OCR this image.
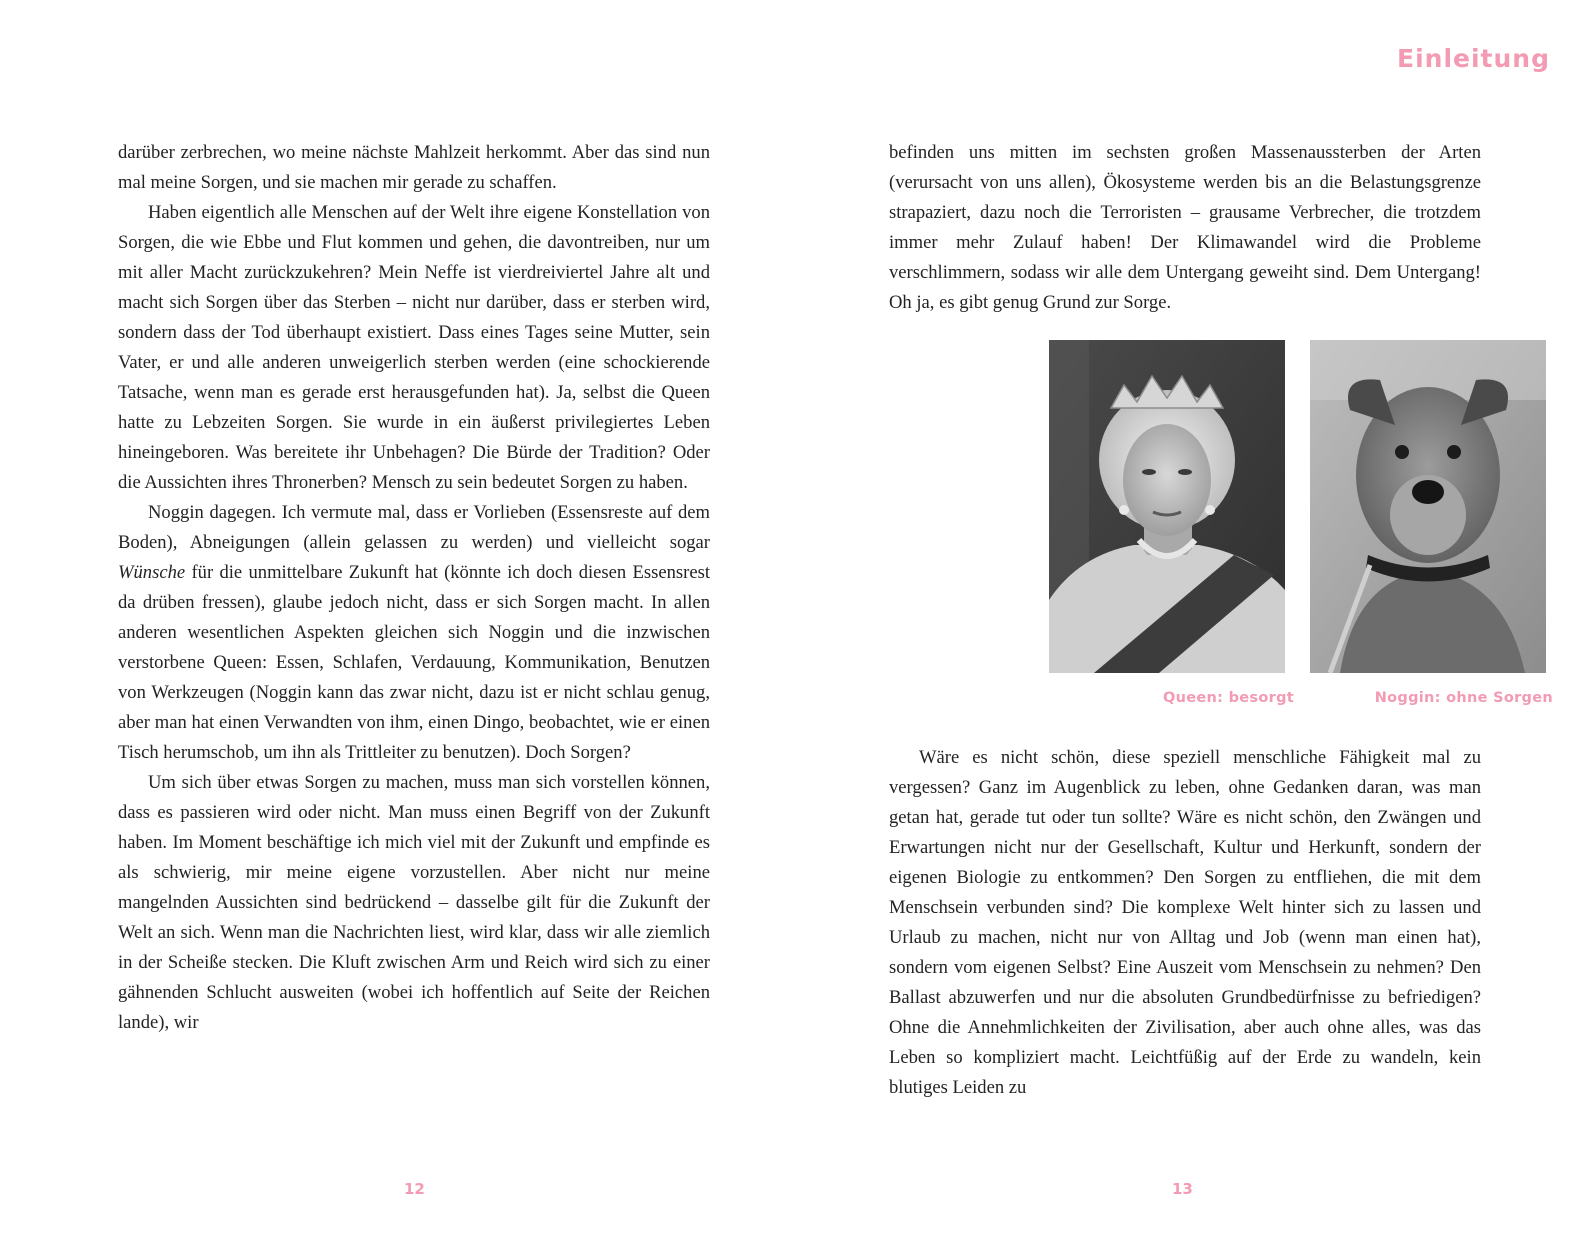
darüber zerbrechen, wo meine nächste Mahlzeit herkommt. Aber das sind nun mal meine Sorgen, und sie machen mir gerade zu schaffen.

Haben eigentlich alle Menschen auf der Welt ihre eigene Konstellation von Sorgen, die wie Ebbe und Flut kommen und gehen, die davontreiben, nur um mit aller Macht zurückzukehren? Mein Neffe ist vierdreiviertel Jahre alt und macht sich Sorgen über das Sterben – nicht nur darüber, dass er sterben wird, sondern dass der Tod überhaupt existiert. Dass eines Tages seine Mutter, sein Vater, er und alle anderen unweigerlich sterben werden (eine schockierende Tatsache, wenn man es gerade erst herausgefunden hat). Ja, selbst die Queen hatte zu Lebzeiten Sorgen. Sie wurde in ein äußerst privilegiertes Leben hineingeboren. Was bereitete ihr Unbehagen? Die Bürde der Tradition? Oder die Aussichten ihres Thronerben? Mensch zu sein bedeutet Sorgen zu haben.

Noggin dagegen. Ich vermute mal, dass er Vorlieben (Essensreste auf dem Boden), Abneigungen (allein gelassen zu werden) und vielleicht sogar Wünsche für die unmittelbare Zukunft hat (könnte ich doch diesen Essensrest da drüben fressen), glaube jedoch nicht, dass er sich Sorgen macht. In allen anderen wesentlichen Aspekten gleichen sich Noggin und die inzwischen verstorbene Queen: Essen, Schlafen, Verdauung, Kommunikation, Benutzen von Werkzeugen (Noggin kann das zwar nicht, dazu ist er nicht schlau genug, aber man hat einen Verwandten von ihm, einen Dingo, beobachtet, wie er einen Tisch herumschob, um ihn als Trittleiter zu benutzen). Doch Sorgen?

Um sich über etwas Sorgen zu machen, muss man sich vorstellen können, dass es passieren wird oder nicht. Man muss einen Begriff von der Zukunft haben. Im Moment beschäftige ich mich viel mit der Zukunft und empfinde es als schwierig, mir meine eigene vorzustellen. Aber nicht nur meine mangelnden Aussichten sind bedrückend – dasselbe gilt für die Zukunft der Welt an sich. Wenn man die Nachrichten liest, wird klar, dass wir alle ziemlich in der Scheiße stecken. Die Kluft zwischen Arm und Reich wird sich zu einer gähnenden Schlucht ausweiten (wobei ich hoffentlich auf Seite der Reichen lande), wir

12
Einleitung

befinden uns mitten im sechsten großen Massenaussterben der Arten (verursacht von uns allen), Ökosysteme werden bis an die Belastungsgrenze strapaziert, dazu noch die Terroristen – grausame Verbrecher, die trotzdem immer mehr Zulauf haben! Der Klimawandel wird die Probleme verschlimmern, sodass wir alle dem Untergang geweiht sind. Dem Untergang! Oh ja, es gibt genug Grund zur Sorge.

Queen: besorgt	Noggin: ohne Sorgen

Wäre es nicht schön, diese speziell menschliche Fähigkeit mal zu vergessen? Ganz im Augenblick zu leben, ohne Gedanken daran, was man getan hat, gerade tut oder tun sollte? Wäre es nicht schön, den Zwängen und Erwartungen nicht nur der Gesellschaft, Kultur und Herkunft, sondern der eigenen Biologie zu entkommen? Den Sorgen zu entfliehen, die mit dem Menschsein verbunden sind? Die komplexe Welt hinter sich zu lassen und Urlaub zu machen, nicht nur von Alltag und Job (wenn man einen hat), sondern vom eigenen Selbst? Eine Auszeit vom Menschsein zu nehmen? Den Ballast abzuwerfen und nur die absoluten Grundbedürfnisse zu befriedigen? Ohne die Annehmlichkeiten der Zivilisation, aber auch ohne alles, was das Leben so kompliziert macht. Leichtfüßig auf der Erde zu wandeln, kein blutiges Leiden zu

13
